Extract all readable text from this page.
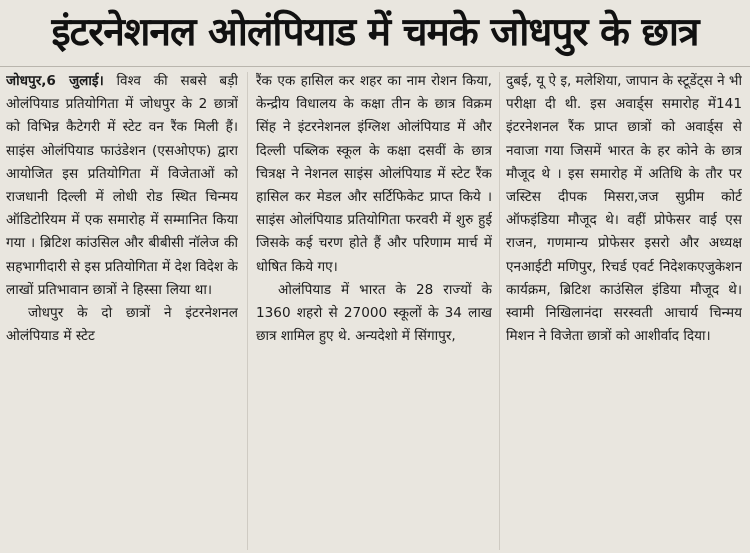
इंटरनेशनल ओलंपियाड में चमके जोधपुर के छात्र

जोधपुर,6 जुलाई। विश्व की सबसे बड़ी ओलंपियाड प्रतियोगिता में जोधपुर के 2 छात्रों को विभिन्न कैटेगरी में स्टेट वन रैंक मिली हैं। साइंस ओलंपियाड फाउंडेशन (एसओएफ) द्वारा आयोजित इस प्रतियोगिता में विजेताओं को राजधानी दिल्ली में लोधी रोड स्थित चिन्मय ऑडिटोरियम में एक समारोह में सम्मानित किया गया । ब्रिटिश कांउसिल और बीबीसी नॉलेज की सहभागीदारी से इस प्रतियोगिता में देश विदेश के लाखों प्रतिभावान छात्रों ने हिस्सा लिया था।

जोधपुर के दो छात्रों ने इंटरनेशनल ओलंपियाड में स्टेट

रैंक एक हासिल कर शहर का नाम रोशन किया, केन्द्रीय विधालय के कक्षा तीन के छात्र विक्रम सिंह ने इंटरनेशनल इंग्लिश ओलंपियाड में और दिल्ली पब्लिक स्कूल के कक्षा दसवीं के छात्र चित्रक्ष ने नेशनल साइंस ओलंपियाड में स्टेट रैंक हासिल कर मेडल और सर्टिफिकेट प्राप्त किये । साइंस ओलंपियाड प्रतियोगिता फरवरी में शुरु हुई जिसके कई चरण होते हैं और परिणाम मार्च में धोषित किये गए।

ओलंपियाड में भारत के 28 राज्यों के 1360 शहरो से 27000 स्कूलों के 34 लाख छात्र शामिल हुए थे. अन्यदेशो में सिंगापुर,

दुबई, यू ऐ इ, मलेशिया, जापान के स्टूडेंट्स ने भी परीक्षा दी थी. इस अवार्ड्स समारोह में141 इंटरनेशनल रैंक प्राप्त छात्रों को अवार्ड्स से नवाजा गया जिसमें भारत के हर कोने के छात्र मौजूद थे । इस समारोह में अतिथि के तौर पर जस्टिस दीपक मिसरा,जज सुप्रीम कोर्ट ऑफइंडिया मौजूद थे। वहीं प्रोफेसर वाई एस राजन, गणमान्य प्रोफेसर इसरो और अध्यक्ष एनआईटी मणिपुर, रिचर्ड एवर्ट निदेशकएजुकेशन कार्यक्रम, ब्रिटिश काउंसिल इंडिया मौजूद थे। स्वामी निखिलानंदा सरस्वती आचार्य चिन्मय मिशन ने विजेता छात्रों को आशीर्वाद दिया।
